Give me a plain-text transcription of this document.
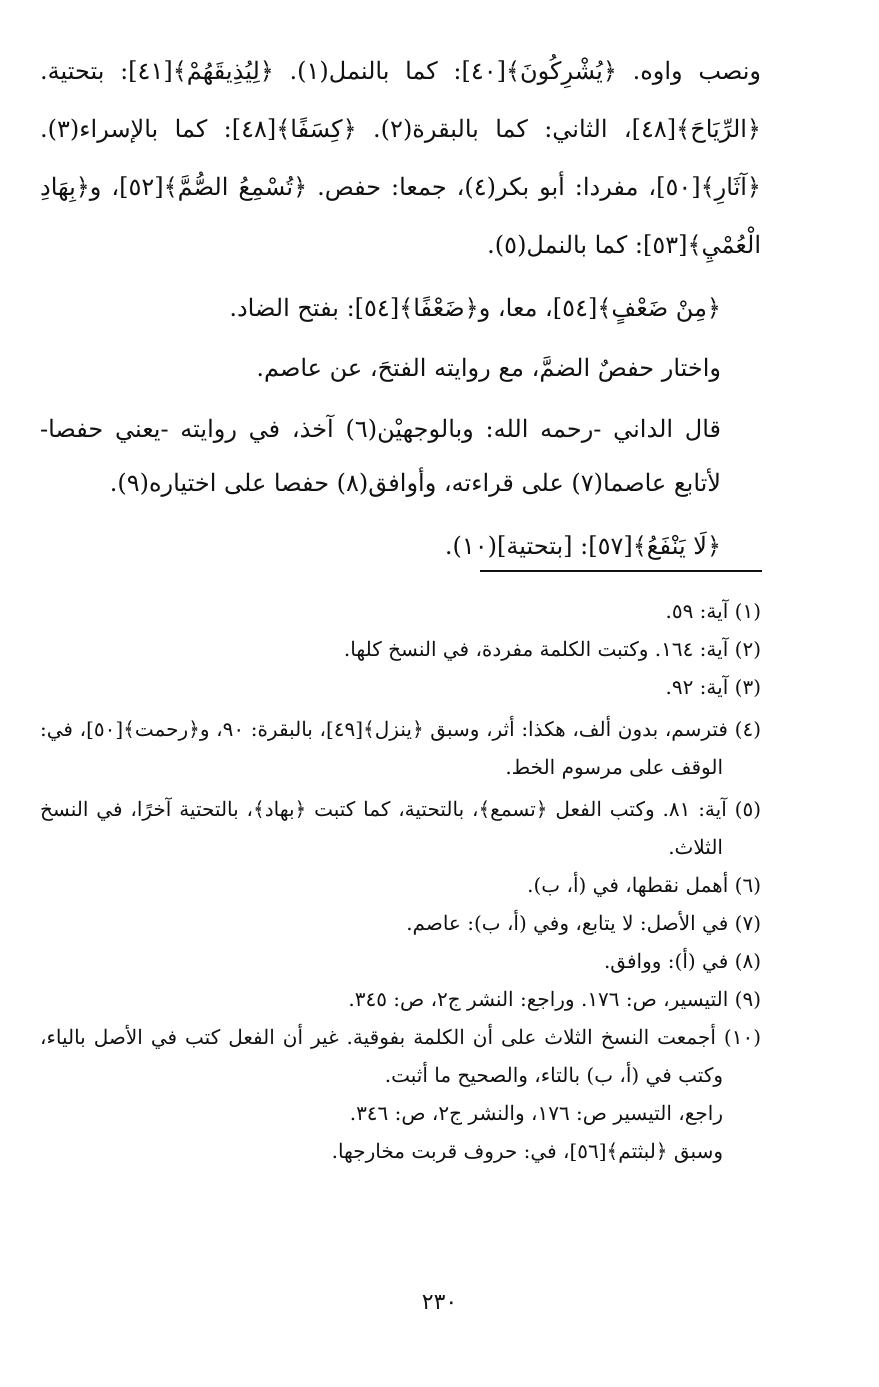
ونصب واوه. ﴿يُشْرِكُونَ﴾[٤٠]: كما بالنمل(١). ﴿لِيُذِيقَهُمْ﴾[٤١]: بتحتية. ﴿الرِّيَاحَ﴾[٤٨]، الثاني: كما بالبقرة(٢). ﴿كِسَفًا﴾[٤٨]: كما بالإسراء(٣). ﴿آثَارِ﴾[٥٠]، مفردا: أبو بكر(٤)، جمعا: حفص. ﴿تُسْمِعُ الصُّمَّ﴾[٥٢]، و﴿بِهَادِ الْعُمْيِ﴾[٥٣]: كما بالنمل(٥).

﴿مِنْ ضَعْفٍ﴾[٥٤]، معا، و﴿ضَعْفًا﴾[٥٤]: بفتح الضاد.

واختار حفصٌ الضمَّ، مع روايته الفتحَ، عن عاصم.

قال الداني -رحمه الله: وبالوجهيْن(٦) آخذ، في روايته -يعني حفصا- لأتابع عاصما(٧) على قراءته، وأوافق(٨) حفصا على اختياره(٩).

﴿لَا يَنْفَعُ﴾[٥٧]: [بتحتية](١٠).

(١) آية: ٥٩.

(٢) آية: ١٦٤. وكتبت الكلمة مفردة، في النسخ كلها.

(٣) آية: ٩٢.

(٤) فترسم، بدون ألف، هكذا: أثر، وسبق ﴿ينزل﴾[٤٩]، بالبقرة: ٩٠، و﴿رحمت﴾[٥٠]، في: الوقف على مرسوم الخط.

(٥) آية: ٨١. وكتب الفعل ﴿تسمع﴾، بالتحتية، كما كتبت ﴿بهاد﴾، بالتحتية آخرًا، في النسخ الثلاث.

(٦) أهمل نقطها، في (أ، ب).

(٧) في الأصل: لا يتابع، وفي (أ، ب): عاصم.

(٨) في (أ): ووافق.

(٩) التيسير، ص: ١٧٦. وراجع: النشر ج٢، ص: ٣٤٥.

(١٠) أجمعت النسخ الثلاث على أن الكلمة بفوقية. غير أن الفعل كتب في الأصل بالياء، وكتب في (أ، ب) بالتاء، والصحيح ما أثبت.

راجع، التيسير ص: ١٧٦، والنشر ج٢، ص: ٣٤٦.

وسبق ﴿لبثتم﴾[٥٦]، في: حروف قربت مخارجها.

٢٣٠
